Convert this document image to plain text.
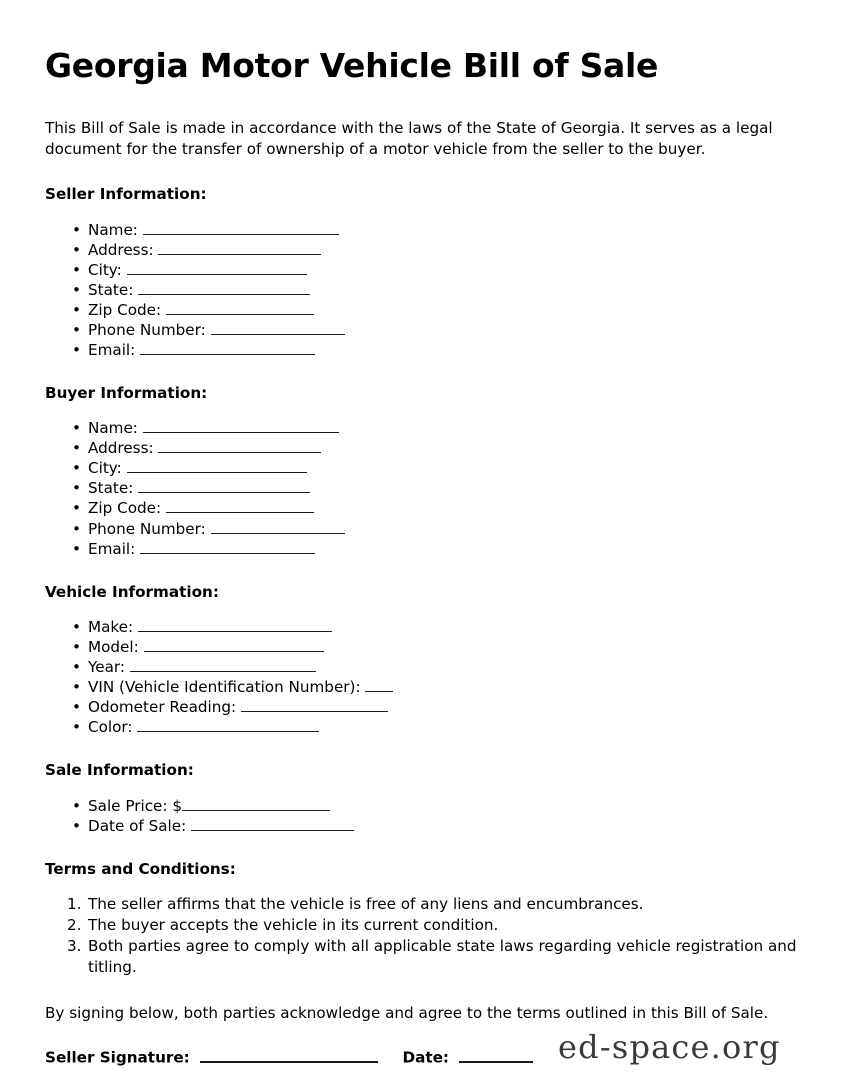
Georgia Motor Vehicle Bill of Sale

This Bill of Sale is made in accordance with the laws of the State of Georgia. It serves as a legal document for the transfer of ownership of a motor vehicle from the seller to the buyer.

Seller Information:
• Name:
• Address:
• City:
• State:
• Zip Code:
• Phone Number:
• Email:
Buyer Information:
• Name:
• Address:
• City:
• State:
• Zip Code:
• Phone Number:
• Email:
Vehicle Information:
• Make:
• Model:
• Year:
• VIN (Vehicle Identification Number):
• Odometer Reading:
• Color:
Sale Information:
• Sale Price: $
• Date of Sale:
Terms and Conditions:
The seller affirms that the vehicle is free of any liens and encumbrances.
The buyer accepts the vehicle in its current condition.
Both parties agree to comply with all applicable state laws regarding vehicle registration and titling.

By signing below, both parties acknowledge and agree to the terms outlined in this Bill of Sale.

Seller Signature:	Date:	ed-space.org
